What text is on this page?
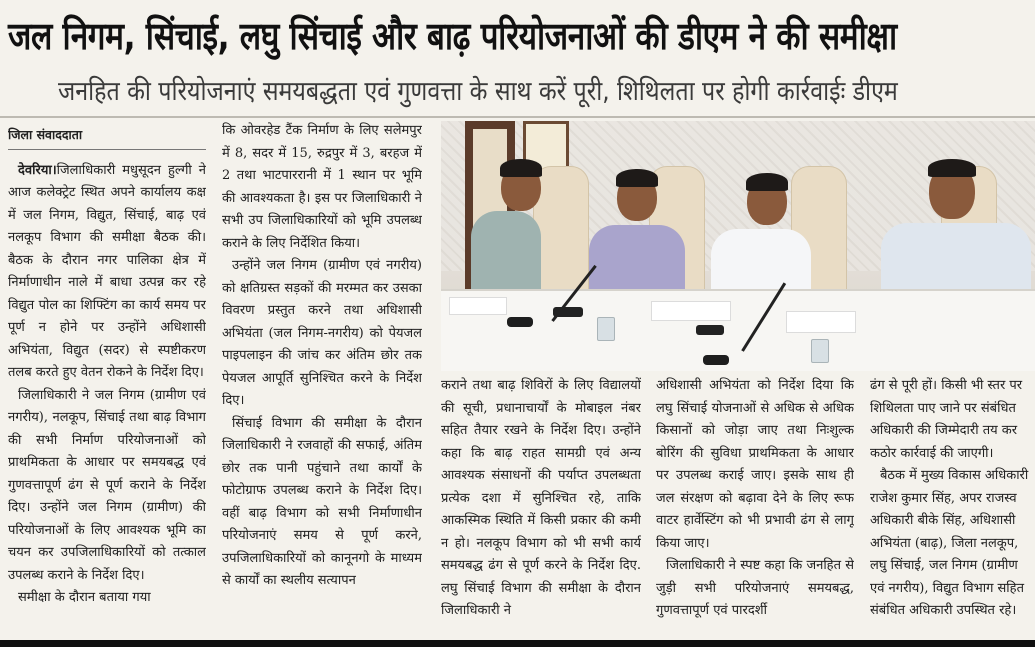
जल निगम, सिंचाई, लघु सिंचाई और बाढ़ परियोजनाओं की डीएम ने की समीक्षा
जनहित की परियोजनाएं समयबद्धता एवं गुणवत्ता के साथ करें पूरी, शिथिलता पर होगी कार्रवाईः डीएम
जिला संवाददाता

देवरिया।जिलाधिकारी मधुसूदन हुल्गी ने आज कलेक्ट्रेट स्थित अपने कार्यालय कक्ष में जल निगम, विद्युत, सिंचाई, बाढ़ एवं नलकूप विभाग की समीक्षा बैठक की। बैठक के दौरान नगर पालिका क्षेत्र में निर्माणाधीन नाले में बाधा उत्पन्न कर रहे विद्युत पोल का शिफ्टिंग का कार्य समय पर पूर्ण न होने पर उन्होंने अधिशासी अभियंता, विद्युत (सदर) से स्पष्टीकरण तलब करते हुए वेतन रोकने के निर्देश दिए।

जिलाधिकारी ने जल निगम (ग्रामीण एवं नगरीय), नलकूप, सिंचाई तथा बाढ़ विभाग की सभी निर्माण परियोजनाओं को प्राथमिकता के आधार पर समयबद्ध एवं गुणवत्तापूर्ण ढंग से पूर्ण कराने के निर्देश दिए। उन्होंने जल निगम (ग्रामीण) की परियोजनाओं के लिए आवश्यक भूमि का चयन कर उपजिलाधिकारियों को तत्काल उपलब्ध कराने के निर्देश दिए।

समीक्षा के दौरान बताया गया

कि ओवरहेड टैंक निर्माण के लिए सलेमपुर में 8, सदर में 15, रुद्रपुर में 3, बरहज में 2 तथा भाटपाररानी में 1 स्थान पर भूमि की आवश्यकता है। इस पर जिलाधिकारी ने सभी उप जिलाधिकारियों को भूमि उपलब्ध कराने के लिए निर्देशित किया।

उन्होंने जल निगम (ग्रामीण एवं नगरीय) को क्षतिग्रस्त सड़कों की मरम्मत कर उसका विवरण प्रस्तुत करने तथा अधिशासी अभियंता (जल निगम-नगरीय) को पेयजल पाइपलाइन की जांच कर अंतिम छोर तक पेयजल आपूर्ति सुनिश्चित करने के निर्देश दिए।

सिंचाई विभाग की समीक्षा के दौरान जिलाधिकारी ने रजवाहों की सफाई, अंतिम छोर तक पानी पहुंचाने तथा कार्यों के फोटोग्राफ उपलब्ध कराने के निर्देश दिए। वहीं बाढ़ विभाग को सभी निर्माणाधीन परियोजनाएं समय से पूर्ण करने, उपजिलाधिकारियों को कानूनगो के माध्यम से कार्यों का स्थलीय सत्यापन

कराने तथा बाढ़ शिविरों के लिए विद्यालयों की सूची, प्रधानाचार्यों के मोबाइल नंबर सहित तैयार रखने के निर्देश दिए। उन्होंने कहा कि बाढ़ राहत सामग्री एवं अन्य आवश्यक संसाधनों की पर्याप्त उपलब्धता प्रत्येक दशा में सुनिश्चित रहे, ताकि आकस्मिक स्थिति में किसी प्रकार की कमी न हो। नलकूप विभाग को भी सभी कार्य समयबद्ध ढंग से पूर्ण करने के निर्देश दिए. लघु सिंचाई विभाग की समीक्षा के दौरान जिलाधिकारी ने

अधिशासी अभियंता को निर्देश दिया कि लघु सिंचाई योजनाओं से अधिक से अधिक किसानों को जोड़ा जाए तथा निःशुल्क बोरिंग की सुविधा प्राथमिकता के आधार पर उपलब्ध कराई जाए। इसके साथ ही जल संरक्षण को बढ़ावा देने के लिए रूफ वाटर हार्वेस्टिंग को भी प्रभावी ढंग से लागू किया जाए।

जिलाधिकारी ने स्पष्ट कहा कि जनहित से जुड़ी सभी परियोजनाएं समयबद्ध, गुणवत्तापूर्ण एवं पारदर्शी

ढंग से पूरी हों। किसी भी स्तर पर शिथिलता पाए जाने पर संबंधित अधिकारी की जिम्मेदारी तय कर कठोर कार्रवाई की जाएगी।

बैठक में मुख्य विकास अधिकारी राजेश कुमार सिंह, अपर राजस्व अधिकारी बीके सिंह, अधिशासी अभियंता (बाढ़), जिला नलकूप, लघु सिंचाई, जल निगम (ग्रामीण एवं नगरीय), विद्युत विभाग सहित संबंधित अधिकारी उपस्थित रहे।
